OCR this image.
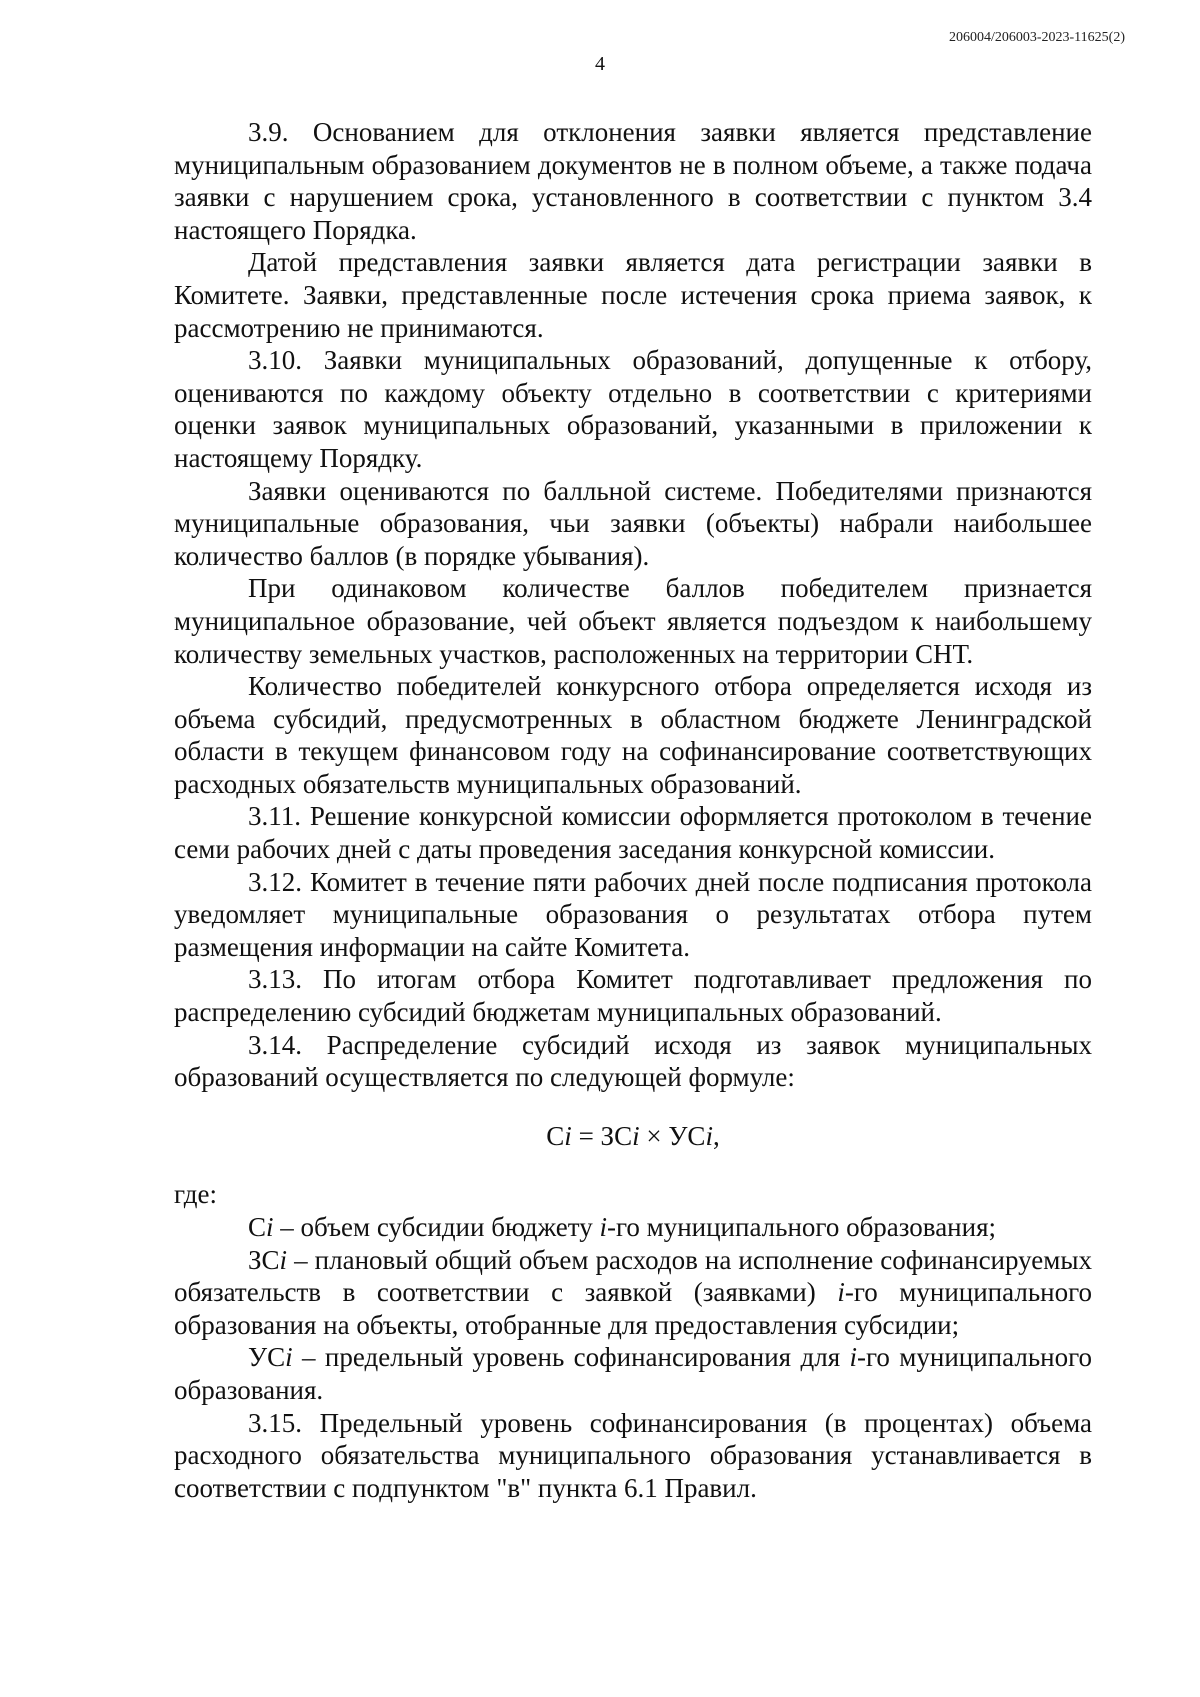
206004/206003-2023-11625(2)
4

3.9. Основанием для отклонения заявки является представление муниципальным образованием документов не в полном объеме, а также подача заявки с нарушением срока, установленного в соответствии с пунктом 3.4 настоящего Порядка.

Датой представления заявки является дата регистрации заявки в Комитете. Заявки, представленные после истечения срока приема заявок, к рассмотрению не принимаются.

3.10. Заявки муниципальных образований, допущенные к отбору, оцениваются по каждому объекту отдельно в соответствии с критериями оценки заявок муниципальных образований, указанными в приложении к настоящему Порядку.

Заявки оцениваются по балльной системе. Победителями признаются муниципальные образования, чьи заявки (объекты) набрали наибольшее количество баллов (в порядке убывания).

При одинаковом количестве баллов победителем признается муниципальное образование, чей объект является подъездом к наибольшему количеству земельных участков, расположенных на территории СНТ.

Количество победителей конкурсного отбора определяется исходя из объема субсидий, предусмотренных в областном бюджете Ленинградской области в текущем финансовом году на софинансирование соответствующих расходных обязательств муниципальных образований.

3.11. Решение конкурсной комиссии оформляется протоколом в течение семи рабочих дней с даты проведения заседания конкурсной комиссии.

3.12. Комитет в течение пяти рабочих дней после подписания протокола уведомляет муниципальные образования о результатах отбора путем размещения информации на сайте Комитета.

3.13. По итогам отбора Комитет подготавливает предложения по распределению субсидий бюджетам муниципальных образований.

3.14. Распределение субсидий исходя из заявок муниципальных образований осуществляется по следующей формуле:

Сi = ЗСi × УСi,

где:

Сi – объем субсидии бюджету i-го муниципального образования;

ЗСi – плановый общий объем расходов на исполнение софинансируемых обязательств в соответствии с заявкой (заявками) i-го муниципального образования на объекты, отобранные для предоставления субсидии;

УСi – предельный уровень софинансирования для i-го муниципального образования.

3.15. Предельный уровень софинансирования (в процентах) объема расходного обязательства муниципального образования устанавливается в соответствии с подпунктом "в" пункта 6.1 Правил.
